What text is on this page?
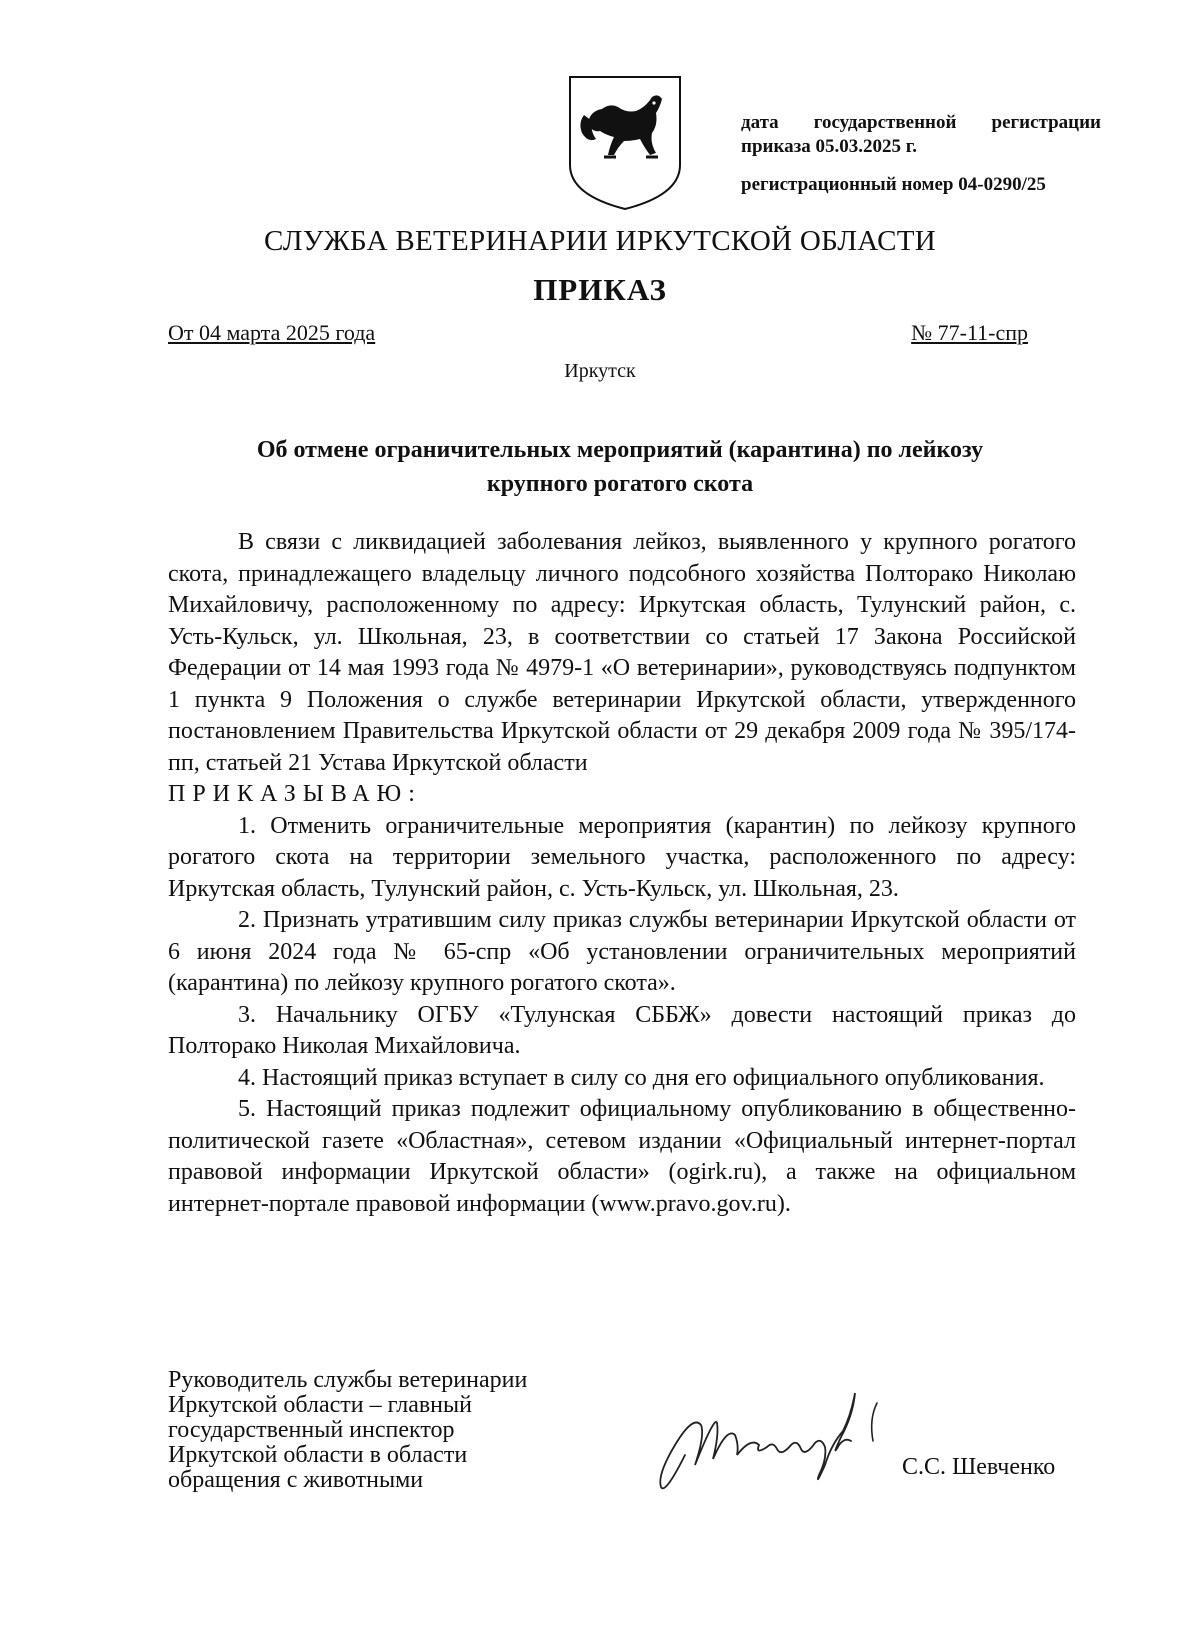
дата государственной регистрации
приказа 05.03.2025 г.
регистрационный номер 04-0290/25
СЛУЖБА ВЕТЕРИНАРИИ ИРКУТСКОЙ ОБЛАСТИ
ПРИКАЗ
От 04 марта 2025 года	№ 77-11-спр
Иркутск
Об отмене ограничительных мероприятий (карантина) по лейкозу
крупного рогатого скота

В связи с ликвидацией заболевания лейкоз, выявленного у крупного рогатого скота, принадлежащего владельцу личного подсобного хозяйства Полторако Николаю Михайловичу, расположенному по адресу: Иркутская область, Тулунский район, с. Усть-Кульск, ул. Школьная, 23, в соответствии со статьей 17 Закона Российской Федерации от 14 мая 1993 года № 4979-1 «О ветеринарии», руководствуясь подпунктом 1 пункта 9 Положения о службе ветеринарии Иркутской области, утвержденного постановлением Правительства Иркутской области от 29 декабря 2009 года № 395/174-пп, статьей 21 Устава Иркутской области

ПРИКАЗЫВАЮ:

1. Отменить ограничительные мероприятия (карантин) по лейкозу крупного рогатого скота на территории земельного участка, расположенного по адресу: Иркутская область, Тулунский район, с. Усть-Кульск, ул. Школьная, 23.

2. Признать утратившим силу приказ службы ветеринарии Иркутской области от 6 июня 2024 года № 65-спр «Об установлении ограничительных мероприятий (карантина) по лейкозу крупного рогатого скота».

3. Начальнику ОГБУ «Тулунская СББЖ» довести настоящий приказ до Полторако Николая Михайловича.

4. Настоящий приказ вступает в силу со дня его официального опубликования.

5. Настоящий приказ подлежит официальному опубликованию в общественно-политической газете «Областная», сетевом издании «Официальный интернет-портал правовой информации Иркутской области» (ogirk.ru), а также на официальном интернет-портале правовой информации (www.pravo.gov.ru).

Руководитель службы ветеринарии
Иркутской области – главный
государственный инспектор
Иркутской области в области
обращения с животными	С.С. Шевченко
